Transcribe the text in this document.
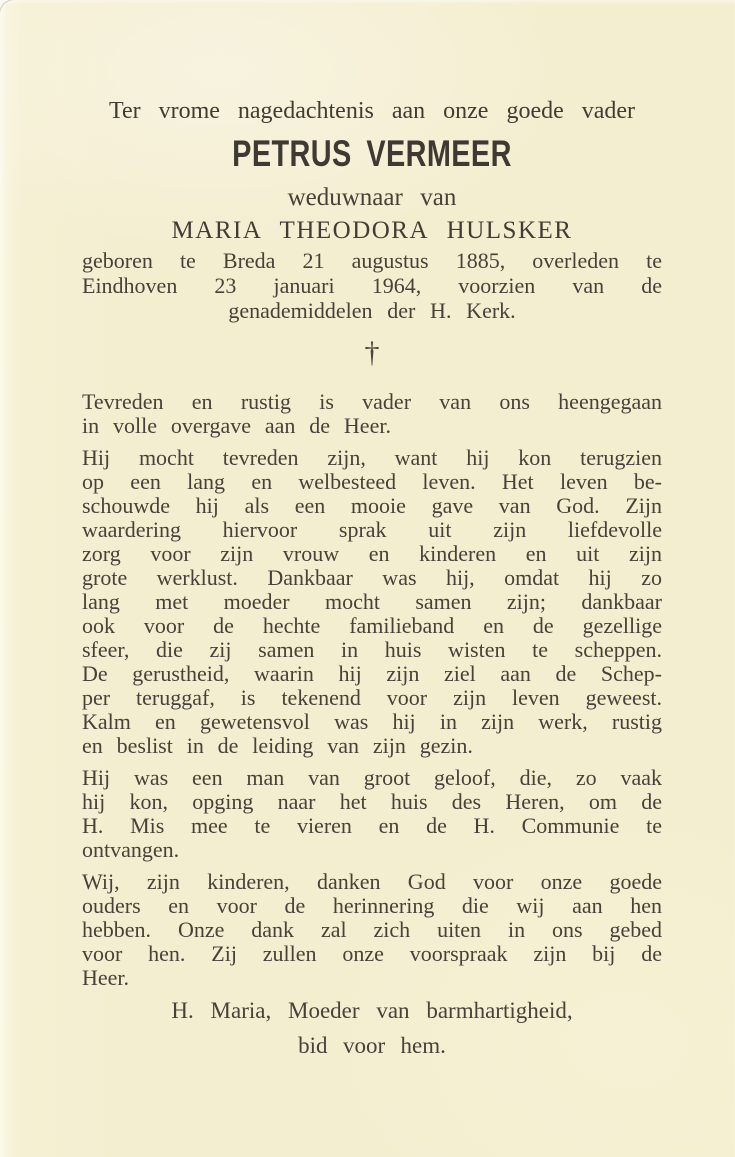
Ter vrome nagedachtenis aan onze goede vader
PETRUS VERMEER
weduwnaar van
MARIA THEODORA HULSKER
geboren te Breda 21 augustus 1885, overleden te
Eindhoven 23 januari 1964, voorzien van de
genademiddelen der H. Kerk.
†
Tevreden en rustig is vader van ons heengegaan
in volle overgave aan de Heer.
Hij mocht tevreden zijn, want hij kon terugzien
op een lang en welbesteed leven. Het leven be-
schouwde hij als een mooie gave van God. Zijn
waardering hiervoor sprak uit zijn liefdevolle
zorg voor zijn vrouw en kinderen en uit zijn
grote werklust. Dankbaar was hij, omdat hij zo
lang met moeder mocht samen zijn; dankbaar
ook voor de hechte familieband en de gezellige
sfeer, die zij samen in huis wisten te scheppen.
De gerustheid, waarin hij zijn ziel aan de Schep-
per teruggaf, is tekenend voor zijn leven geweest.
Kalm en gewetensvol was hij in zijn werk, rustig
en beslist in de leiding van zijn gezin.
Hij was een man van groot geloof, die, zo vaak
hij kon, opging naar het huis des Heren, om de
H. Mis mee te vieren en de H. Communie te
ontvangen.
Wij, zijn kinderen, danken God voor onze goede
ouders en voor de herinnering die wij aan hen
hebben. Onze dank zal zich uiten in ons gebed
voor hen. Zij zullen onze voorspraak zijn bij de
Heer.
H. Maria, Moeder van barmhartigheid,
bid voor hem.
